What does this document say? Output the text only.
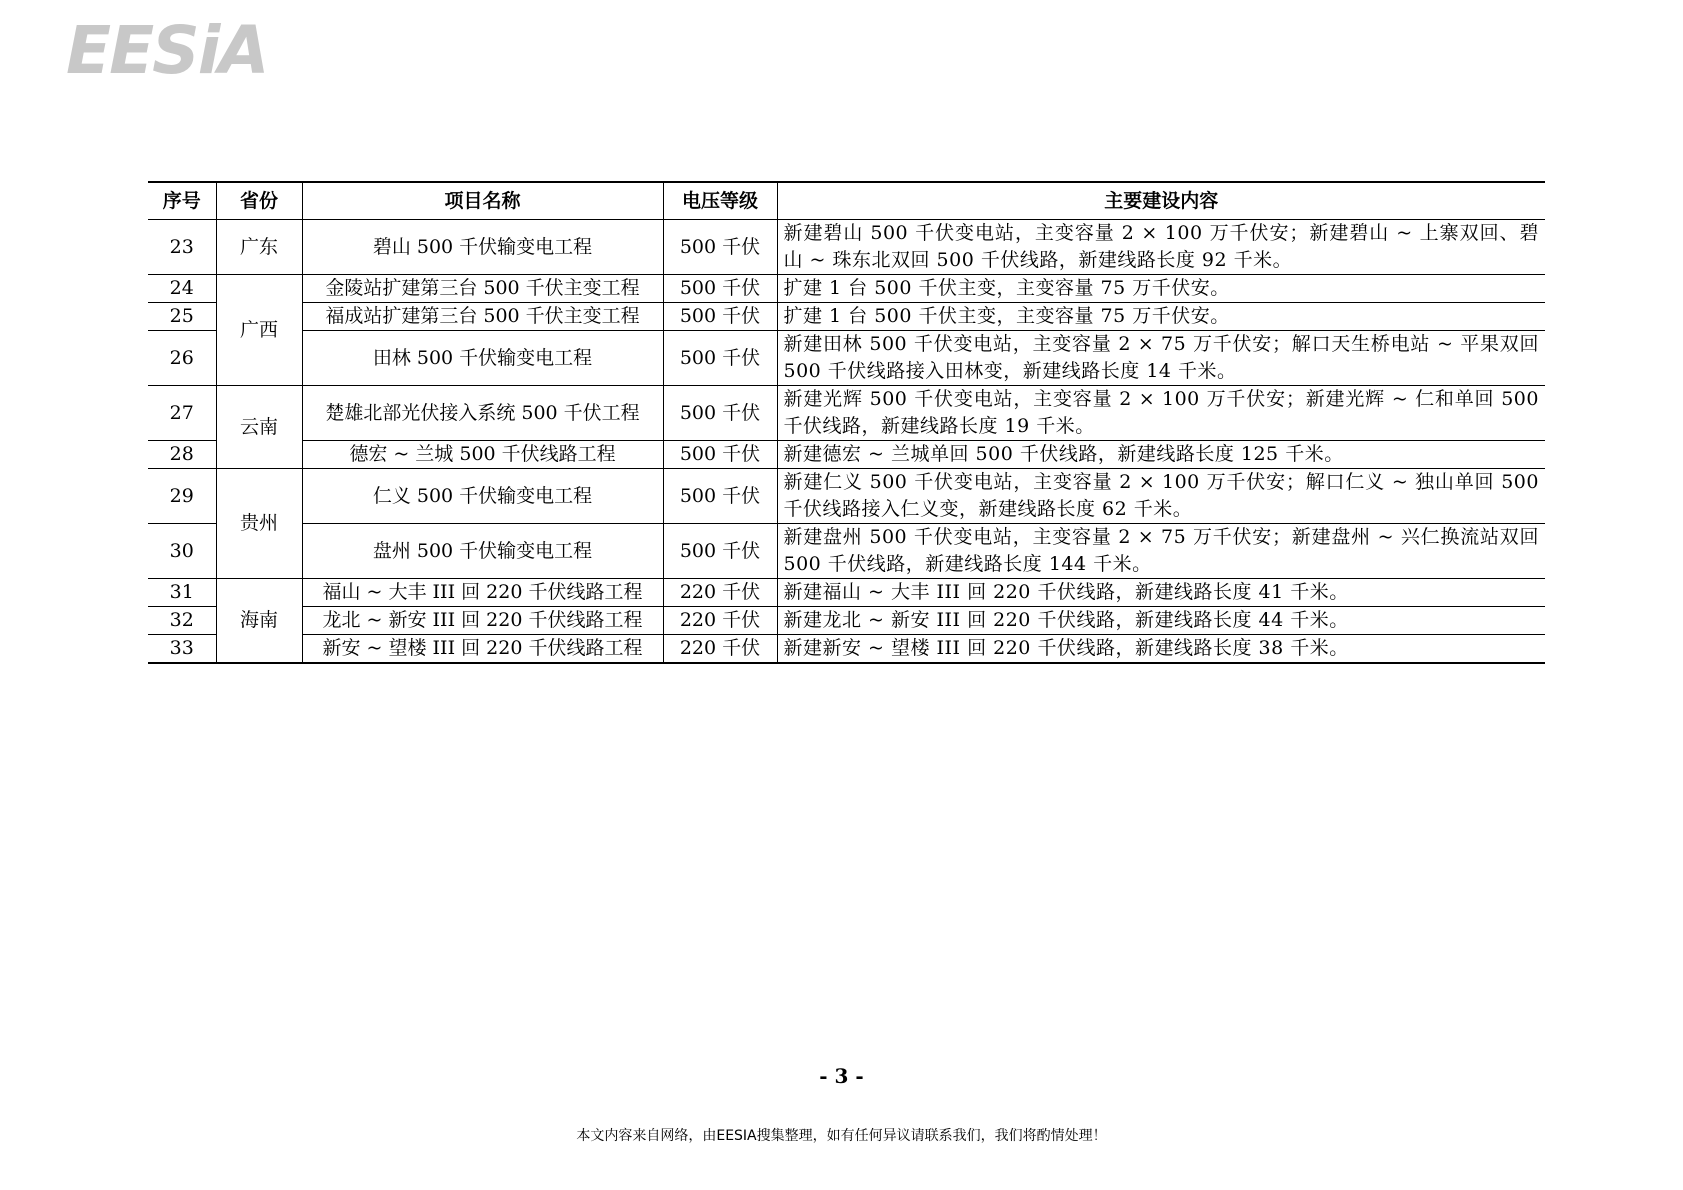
EESiA
序号	省份	项目名称	电压等级	主要建设内容
23	广东	碧山 500 千伏输变电工程	500 千伏	新建碧山 500 千伏变电站，主变容量 2 × 100 万千伏安；新建碧山 ~ 上寨双回、碧山 ~ 珠东北双回 500 千伏线路，新建线路长度 92 千米。
24	广西	金陵站扩建第三台 500 千伏主变工程	500 千伏	扩建 1 台 500 千伏主变，主变容量 75 万千伏安。
25		福成站扩建第三台 500 千伏主变工程	500 千伏	扩建 1 台 500 千伏主变，主变容量 75 万千伏安。
26		田林 500 千伏输变电工程	500 千伏	新建田林 500 千伏变电站，主变容量 2 × 75 万千伏安；解口天生桥电站 ~ 平果双回 500 千伏线路接入田林变，新建线路长度 14 千米。
27	云南	楚雄北部光伏接入系统 500 千伏工程	500 千伏	新建光辉 500 千伏变电站，主变容量 2 × 100 万千伏安；新建光辉 ~ 仁和单回 500 千伏线路，新建线路长度 19 千米。
28		德宏 ~ 兰城 500 千伏线路工程	500 千伏	新建德宏 ~ 兰城单回 500 千伏线路，新建线路长度 125 千米。
29	贵州	仁义 500 千伏输变电工程	500 千伏	新建仁义 500 千伏变电站，主变容量 2 × 100 万千伏安；解口仁义 ~ 独山单回 500 千伏线路接入仁义变，新建线路长度 62 千米。
30		盘州 500 千伏输变电工程	500 千伏	新建盘州 500 千伏变电站，主变容量 2 × 75 万千伏安；新建盘州 ~ 兴仁换流站双回 500 千伏线路，新建线路长度 144 千米。
31	海南	福山 ~ 大丰 III 回 220 千伏线路工程	220 千伏	新建福山 ~ 大丰 III 回 220 千伏线路，新建线路长度 41 千米。
32		龙北 ~ 新安 III 回 220 千伏线路工程	220 千伏	新建龙北 ~ 新安 III 回 220 千伏线路，新建线路长度 44 千米。
33		新安 ~ 望楼 III 回 220 千伏线路工程	220 千伏	新建新安 ~ 望楼 III 回 220 千伏线路，新建线路长度 38 千米。
- 3 -
本文内容来自网络，由EESIA搜集整理，如有任何异议请联系我们，我们将酌情处理！
